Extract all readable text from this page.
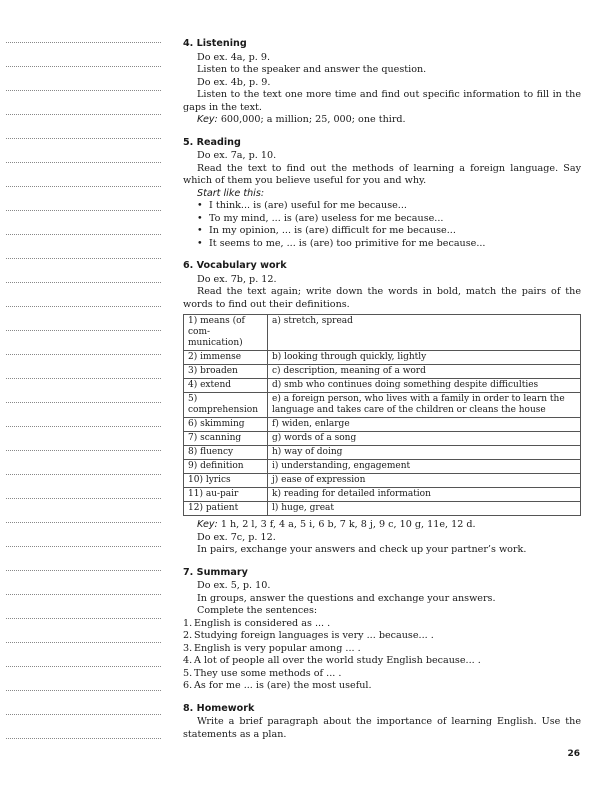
4. Listening
Do ex. 4a, p. 9.
Listen to the speaker and answer the question.
Do ex. 4b, p. 9.
Listen to the text one more time and find out specific information to fill in the gaps in the text.
Key: 600,000; a million; 25, 000; one third.
5. Reading
Do ex. 7a, p. 10.
Read the text to find out the methods of learning a foreign language. Say which of them you believe useful for you and why.
Start like this:
• I think... is (are) useful for me because...
• To my mind, ... is (are) useless for me because...
• In my opinion, ... is (are) difficult for me because...
• It seems to me, ... is (are) too primitive for me because...
6. Vocabulary work
Do ex. 7b, p. 12.
Read the text again; write down the words in bold, match the pairs of the words to find out their definitions.
1) means (of com-munication)	a) stretch, spread
2) immense	b) looking through quickly, lightly
3) broaden	c) description, meaning of a word
4) extend	d) smb who continues doing something despite difficulties
5) comprehension	e) a foreign person, who lives with a family in order to learn the language and takes care of the children or cleans the house
6) skimming	f) widen, enlarge
7) scanning	g) words of a song
8) fluency	h) way of doing
9) definition	i) understanding, engagement
10) lyrics	j) ease of expression
11) au-pair	k) reading for detailed information
12) patient	l) huge, great
Key: 1 h, 2 l, 3 f, 4 a, 5 i, 6 b, 7 k, 8 j, 9 c, 10 g, 11e, 12 d.
Do ex. 7c, p. 12.
In pairs, exchange your answers and check up your partner’s work.
7. Summary
Do ex. 5, p. 10.
In groups, answer the questions and exchange your answers.
Complete the sentences:
1. English is considered as ... .
2. Studying foreign languages is very ... because... .
3. English is very popular among ... .
4. A lot of people all over the world study English because... .
5. They use some methods of ... .
6. As for me ... is (are) the most useful.
8. Homework
Write a brief paragraph about the importance of learning English. Use the statements as a plan.
26
